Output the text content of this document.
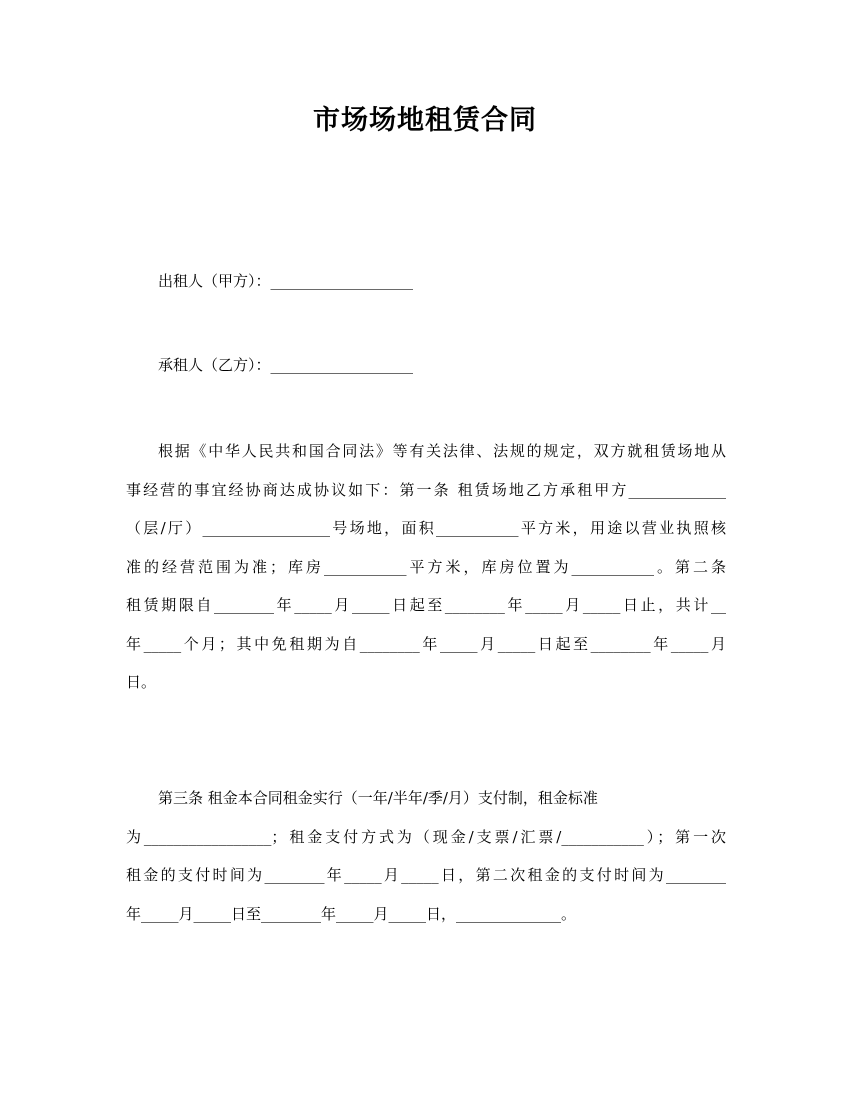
市场场地租赁合同

出租人（甲方）：___________________

承租人（乙方）：___________________

根据《中华人民共和国合同法》等有关法律、法规的规定，双方就租赁场地从
事经营的事宜经协商达成协议如下：第一条 租赁场地乙方承租甲方_____________
（层/厅）_________________号场地，面积___________平方米，用途以营业执照核
准的经营范围为准；库房___________平方米，库房位置为___________。第二条
租赁期限自________年_____月_____日起至________年_____月_____日止，共计__
年_____个月；其中免租期为自________年_____月_____日起至________年_____月
日。
第三条 租金本合同租金实行（一年/半年/季/月）支付制，租金标准
为_________________；租金支付方式为（现金/支票/汇票/___________）；第一次
租金的支付时间为________年_____月_____日，第二次租金的支付时间为________
年_____月_____日至________年_____月_____日，______________。
